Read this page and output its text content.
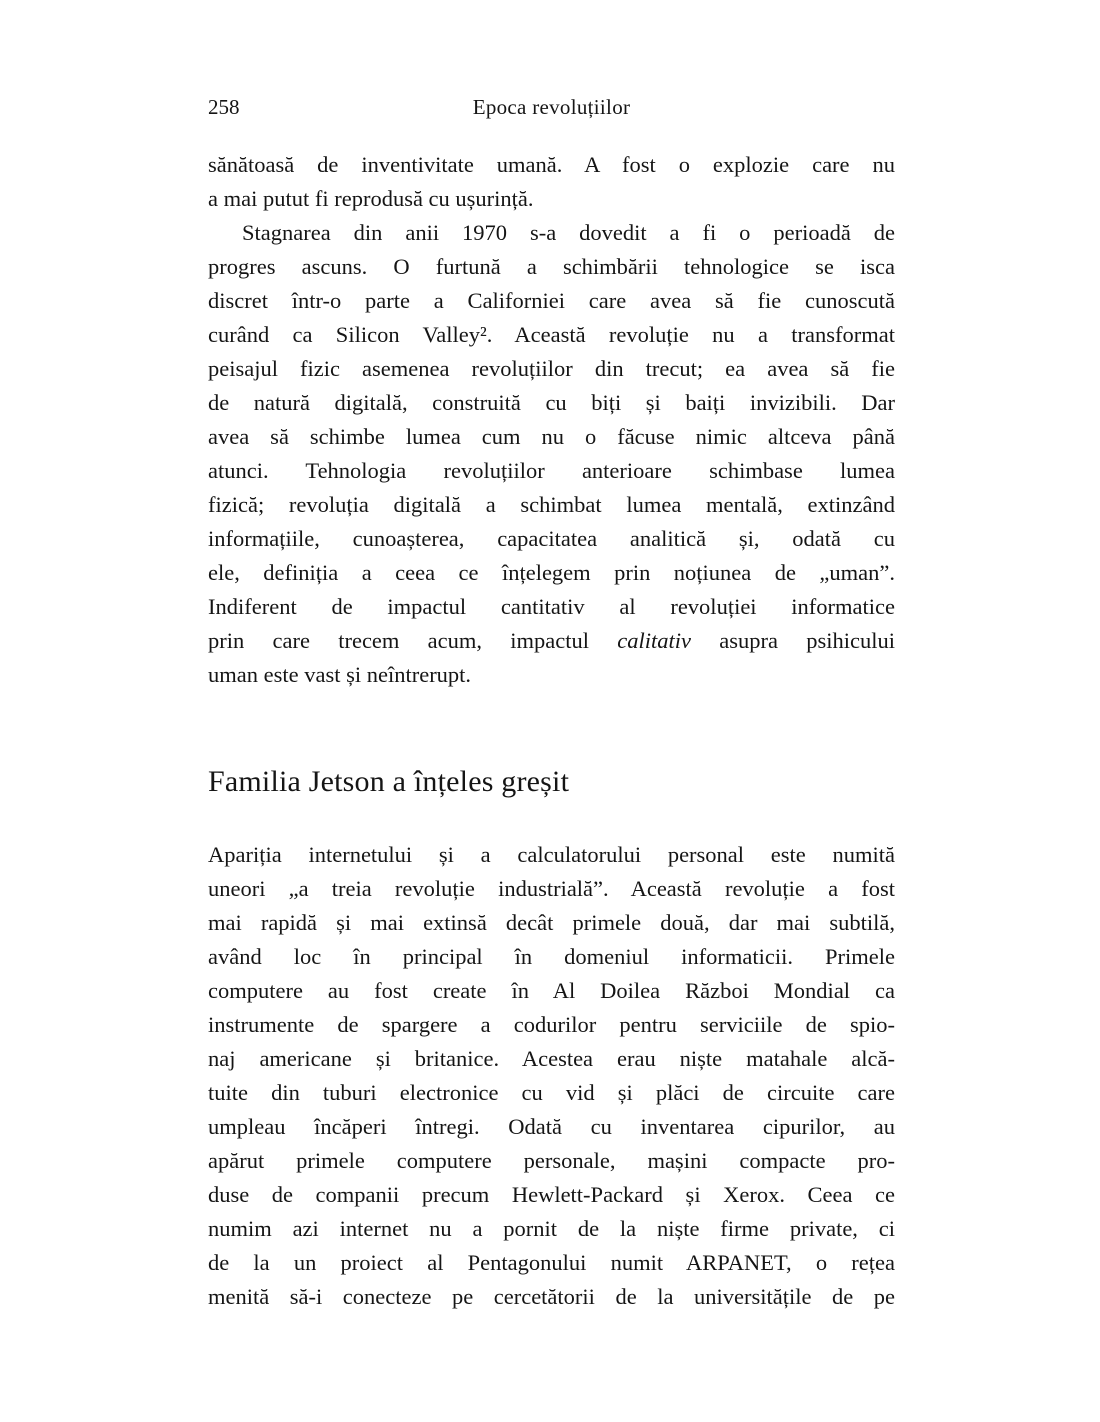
258	Epoca revoluțiilor

sănătoasă de inventivitate umană. A fost o explozie care nu
a mai putut fi reprodusă cu ușurință.

Stagnarea din anii 1970 s-a dovedit a fi o perioadă de
progres ascuns. O furtună a schimbării tehnologice se isca
discret într-o parte a Californiei care avea să fie cunoscută
curând ca Silicon Valley². Această revoluție nu a transformat
peisajul fizic asemenea revoluțiilor din trecut; ea avea să fie
de natură digitală, construită cu biți și baiți invizibili. Dar
avea să schimbe lumea cum nu o făcuse nimic altceva până
atunci. Tehnologia revoluțiilor anterioare schimbase lumea
fizică; revoluția digitală a schimbat lumea mentală, extinzând
informațiile, cunoașterea, capacitatea analitică și, odată cu
ele, definiția a ceea ce înțelegem prin noțiunea de „uman”.
Indiferent de impactul cantitativ al revoluției informatice
prin care trecem acum, impactul calitativ asupra psihicului
uman este vast și neîntrerupt.

Familia Jetson a înțeles greșit

Apariția internetului și a calculatorului personal este numită
uneori „a treia revoluție industrială”. Această revoluție a fost
mai rapidă și mai extinsă decât primele două, dar mai subtilă,
având loc în principal în domeniul informaticii. Primele
computere au fost create în Al Doilea Război Mondial ca
instrumente de spargere a codurilor pentru serviciile de spio-
naj americane și britanice. Acestea erau niște matahale alcă-
tuite din tuburi electronice cu vid și plăci de circuite care
umpleau încăperi întregi. Odată cu inventarea cipurilor, au
apărut primele computere personale, mașini compacte pro-
duse de companii precum Hewlett-Packard și Xerox. Ceea ce
numim azi internet nu a pornit de la niște firme private, ci
de la un proiect al Pentagonului numit ARPANET, o rețea
menită să-i conecteze pe cercetătorii de la universitățile de pe
